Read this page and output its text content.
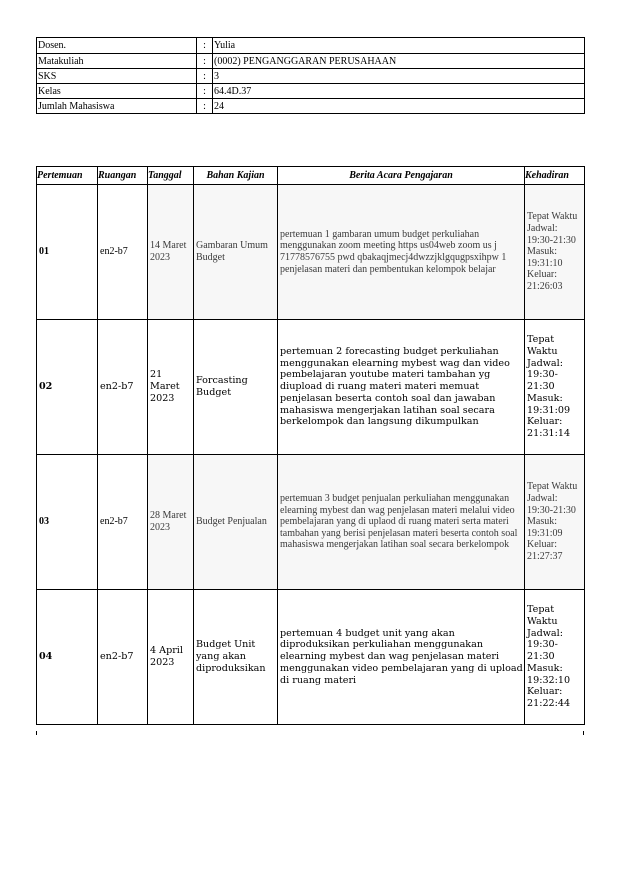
Dosen.	:	Yulia
Matakuliah	:	(0002) PENGANGGARAN PERUSAHAAN
SKS	:	3
Kelas	:	64.4D.37
Jumlah Mahasiswa	:	24
Pertemuan	Ruangan	Tanggal	Bahan Kajian	Berita Acara Pengajaran	Kehadiran
01	en2-b7	14 Maret 2023	Gambaran Umum Budget	pertemuan 1 gambaran umum budget perkuliahan menggunakan zoom meeting https us04web zoom us j 71778576755 pwd qbakaqjmecj4dwzzjklgqugpsxihpw 1 penjelasan materi dan pembentukan kelompok belajar	Tepat Waktu Jadwal: 19:30-21:30 Masuk: 19:31:10 Keluar: 21:26:03
02	en2-b7	21 Maret 2023	Forcasting Budget	pertemuan 2 forecasting budget perkuliahan menggunakan elearning mybest wag dan video pembelajaran youtube materi tambahan yg diupload di ruang materi materi memuat penjelasan beserta contoh soal dan jawaban mahasiswa mengerjakan latihan soal secara berkelompok dan langsung dikumpulkan	Tepat Waktu Jadwal: 19:30-21:30 Masuk: 19:31:09 Keluar: 21:31:14
03	en2-b7	28 Maret 2023	Budget Penjualan	pertemuan 3 budget penjualan perkuliahan menggunakan elearning mybest dan wag penjelasan materi melalui video pembelajaran yang di uplaod di ruang materi serta materi tambahan yang berisi penjelasan materi beserta contoh soal mahasiswa mengerjakan latihan soal secara berkelompok	Tepat Waktu Jadwal: 19:30-21:30 Masuk: 19:31:09 Keluar: 21:27:37
04	en2-b7	4 April 2023	Budget Unit yang akan diproduksikan	pertemuan 4 budget unit yang akan diproduksikan perkuliahan menggunakan elearning mybest dan wag penjelasan materi menggunakan video pembelajaran yang di upload di ruang materi	Tepat Waktu Jadwal: 19:30-21:30 Masuk: 19:32:10 Keluar: 21:22:44
